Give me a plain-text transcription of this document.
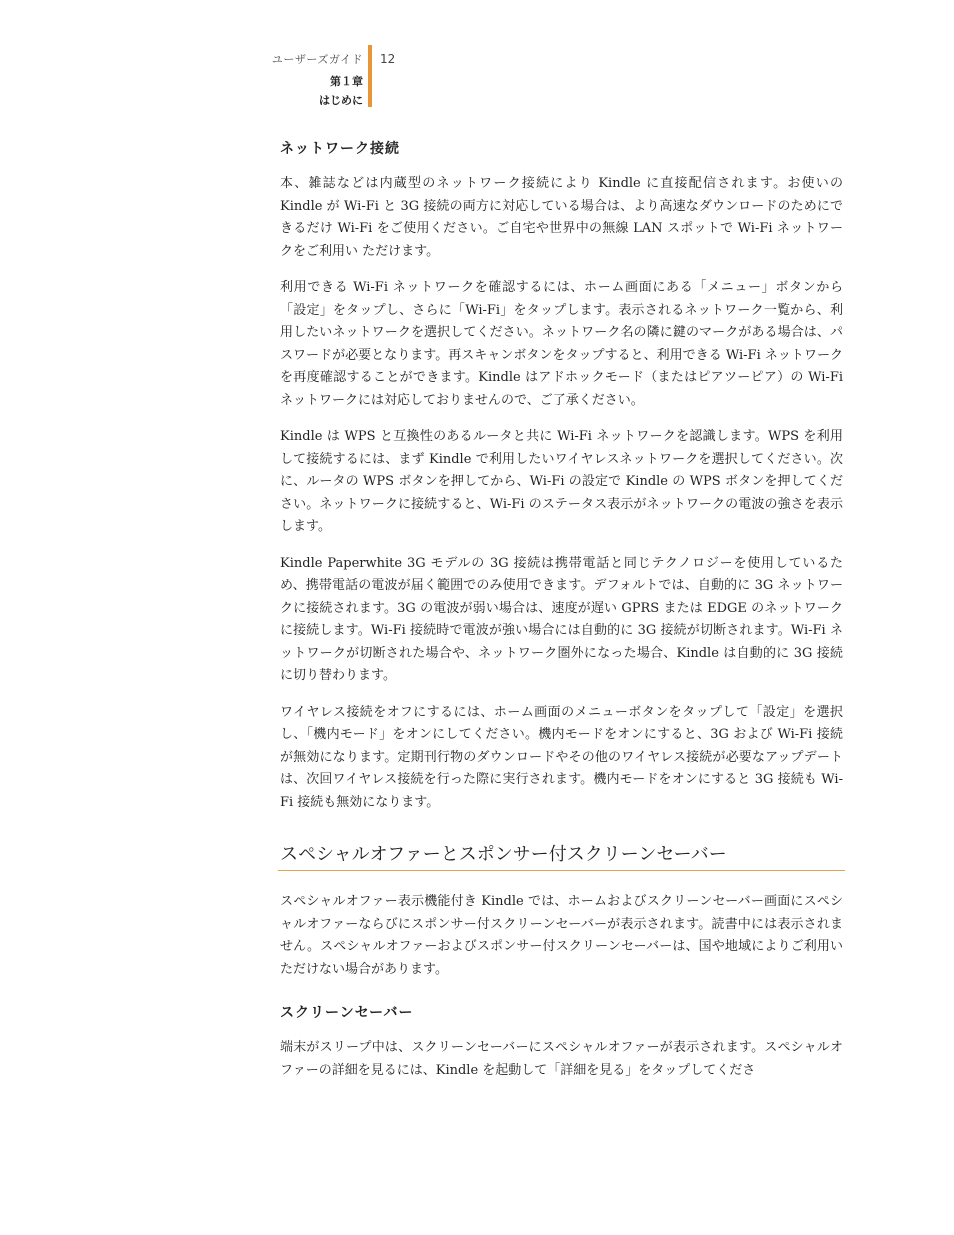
ユーザーズガイド
第１章
はじめに
12
ネットワーク接続

本、雑誌などは内蔵型のネットワーク接続により Kindle に直接配信されます。お使いの Kindle が Wi-Fi と 3G 接続の両方に対応している場合は、より高速なダウンロードのためにできるだけ Wi-Fi をご使用ください。ご自宅や世界中の無線 LAN スポットで Wi-Fi ネットワークをご利用い ただけます。

利用できる Wi-Fi ネットワークを確認するには、ホーム画面にある「メニュー」ボタンから「設定」をタップし、さらに「Wi-Fi」をタップします。表示されるネットワーク一覧から、利用したいネットワークを選択してください。ネットワーク名の隣に鍵のマークがある場合は、パスワードが必要となります。再スキャンボタンをタップすると、利用できる Wi-Fi ネットワークを再度確認することができます。Kindle はアドホックモード（またはピアツーピア）の Wi-Fi ネットワークには対応しておりませんので、ご了承ください。

Kindle は WPS と互換性のあるルータと共に Wi-Fi ネットワークを認識します。WPS を利用して接続するには、まず Kindle で利用したいワイヤレスネットワークを選択してください。次に、ルータの WPS ボタンを押してから、Wi-Fi の設定で Kindle の WPS ボタンを押してください。ネットワークに接続すると、Wi-Fi のステータス表示がネットワークの電波の強さを表示します。

Kindle Paperwhite 3G モデルの 3G 接続は携帯電話と同じテクノロジーを使用しているため、携帯電話の電波が届く範囲でのみ使用できます。デフォルトでは、自動的に 3G ネットワークに接続されます。3G の電波が弱い場合は、速度が遅い GPRS または EDGE のネットワークに接続します。Wi-Fi 接続時で電波が強い場合には自動的に 3G 接続が切断されます。Wi-Fi ネットワークが切断された場合や、ネットワーク圏外になった場合、Kindle は自動的に 3G 接続に切り替わります。

ワイヤレス接続をオフにするには、ホーム画面のメニューボタンをタップして「設定」を選択し、「機内モード」をオンにしてください。機内モードをオンにすると、3G および Wi-Fi 接続が無効になります。定期刊行物のダウンロードやその他のワイヤレス接続が必要なアップデートは、次回ワイヤレス接続を行った際に実行されます。機内モードをオンにすると 3G 接続も Wi-Fi 接続も無効になります。

スペシャルオファーとスポンサー付スクリーンセーバー

スペシャルオファー表示機能付き Kindle では、ホームおよびスクリーンセーバー画面にスペシャルオファーならびにスポンサー付スクリーンセーバーが表示されます。読書中には表示されません。スペシャルオファーおよびスポンサー付スクリーンセーバーは、国や地域によりご利用いただけない場合があります。

スクリーンセーバー

端末がスリープ中は、スクリーンセーバーにスペシャルオファーが表示されます。スペシャルオファーの詳細を見るには、Kindle を起動して「詳細を見る」をタップしてくださ
